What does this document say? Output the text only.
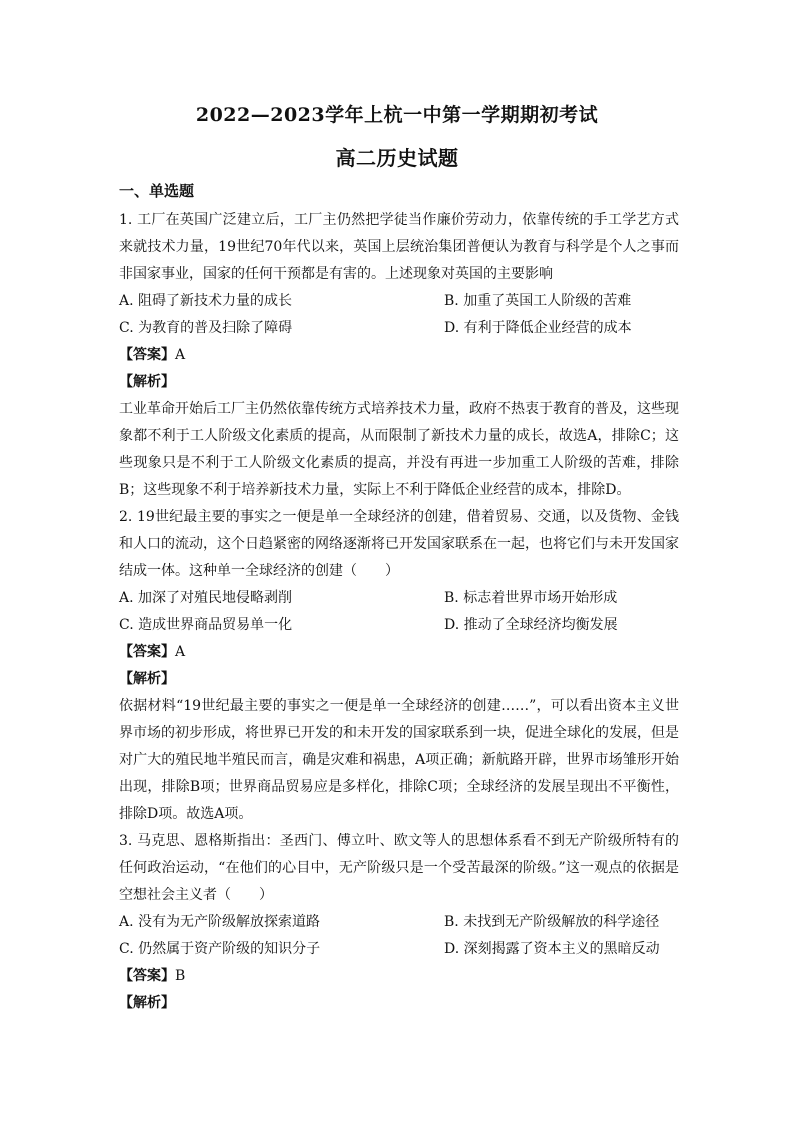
2022—2023学年上杭一中第一学期期初考试
高二历史试题
一、单选题

1. 工厂在英国广泛建立后，工厂主仍然把学徒当作廉价劳动力，依靠传统的手工学艺方式来就技术力量，19世纪70年代以来，英国上层统治集团普便认为教育与科学是个人之事而非国家事业，国家的任何干预都是有害的。上述现象对英国的主要影响

A. 阻碍了新技术力量的成长	B. 加重了英国工人阶级的苦难
C. 为教育的普及扫除了障碍	D. 有利于降低企业经营的成本
【答案】A
【解析】

工业革命开始后工厂主仍然依靠传统方式培养技术力量，政府不热衷于教育的普及，这些现象都不利于工人阶级文化素质的提高，从而限制了新技术力量的成长，故选A，排除C；这些现象只是不利于工人阶级文化素质的提高，并没有再进一步加重工人阶级的苦难，排除B；这些现象不利于培养新技术力量，实际上不利于降低企业经营的成本，排除D。

2. 19世纪最主要的事实之一便是单一全球经济的创建，借着贸易、交通，以及货物、金钱和人口的流动，这个日趋紧密的网络逐渐将已开发国家联系在一起，也将它们与未开发国家结成一体。这种单一全球经济的创建（　　）

A. 加深了对殖民地侵略剥削	B. 标志着世界市场开始形成
C. 造成世界商品贸易单一化	D. 推动了全球经济均衡发展
【答案】A
【解析】

依据材料“19世纪最主要的事实之一便是单一全球经济的创建……”，可以看出资本主义世界市场的初步形成，将世界已开发的和未开发的国家联系到一块，促进全球化的发展，但是对广大的殖民地半殖民而言，确是灾难和祸患，A项正确；新航路开辟，世界市场雏形开始出现，排除B项；世界商品贸易应是多样化，排除C项；全球经济的发展呈现出不平衡性，排除D项。故选A项。

3. 马克思、恩格斯指出：圣西门、傅立叶、欧文等人的思想体系看不到无产阶级所特有的任何政治运动，“在他们的心目中，无产阶级只是一个受苦最深的阶级。”这一观点的依据是空想社会主义者（　　）

A. 没有为无产阶级解放探索道路	B. 未找到无产阶级解放的科学途径
C. 仍然属于资产阶级的知识分子	D. 深刻揭露了资本主义的黑暗反动
【答案】B
【解析】
